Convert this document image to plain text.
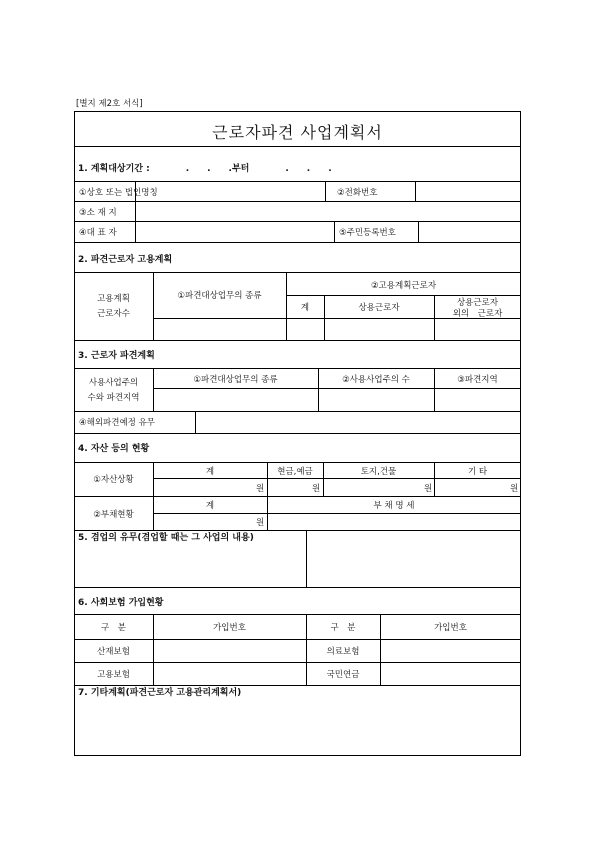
[별지 제2호 서식]
근로자파견 사업계획서
1. 계획대상기간 :　　　　.　　.　　.부터　　　　.　　.　　.
①상호 또는 법인명칭	②전화번호
③소 재 지
④대 표 자	⑤주민등록번호
2. 파견근로자 고용계획
고용계획
근로자수
①파견대상업무의 종류
②고용계획근로자
계	상용근로자	상용근로자
외의　근로자
3. 근로자 파견계획
사용사업주의
수와 파견지역
①파견대상업무의 종류	②사용사업주의 수	③파견지역
④해외파견예정 유무
4. 자산 등의 현황
①자산상황
계	현금,예금	토지,건물	기 타
원	원	원	원
②부채현황
계	부 채 명 세
원
5. 겸업의 유무(겸업할 때는 그 사업의 내용)
6. 사회보험 가입현황
구　분	가입번호	구　분	가입번호
산재보험	의료보험
고용보험	국민연금
7. 기타계획(파견근로자 고용관리계획서)
